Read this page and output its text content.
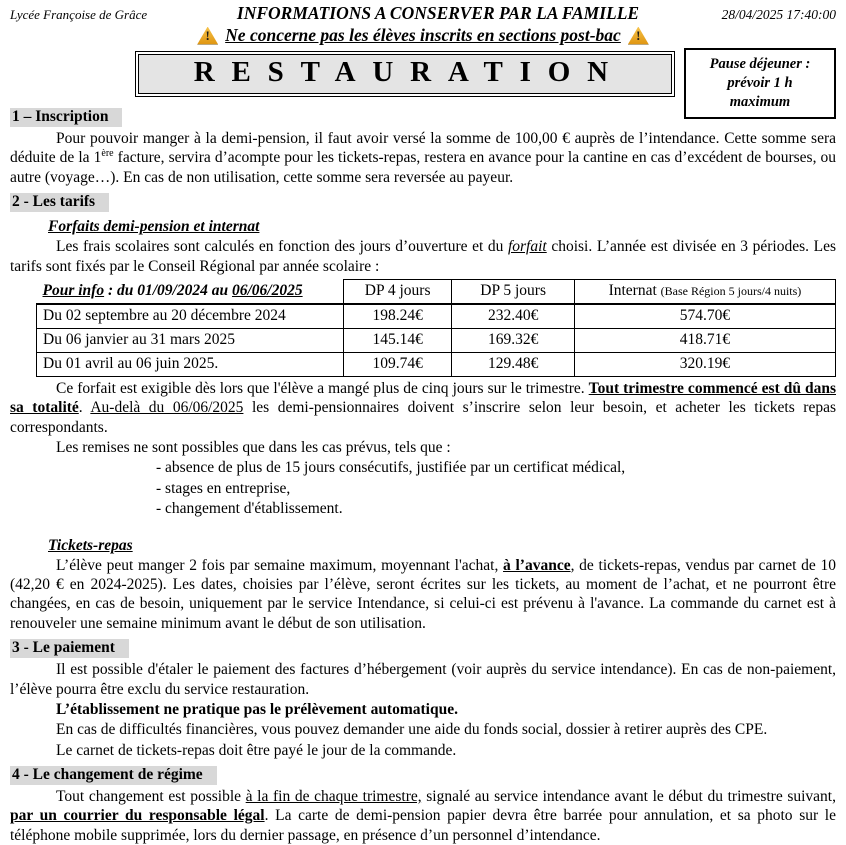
Lycée Françoise de Grâce	INFORMATIONS A CONSERVER PAR LA FAMILLE	28/04/2025 17:40:00
!
Ne concerne pas les élèves inscrits en sections post-bac
!
RESTAURATION	Pause déjeuner :
prévoir 1 h
maximum
1 – Inscription

Pour pouvoir manger à la demi-pension, il faut avoir versé la somme de 100,00 € auprès de l’intendance. Cette somme sera déduite de la 1ère facture, servira d’acompte pour les tickets-repas, restera en avance pour la cantine en cas d’excédent de bourses, ou autre (voyage…). En cas de non utilisation, cette somme sera reversée au payeur.

2 - Les tarifs
Forfaits demi-pension et internat

Les frais scolaires sont calculés en fonction des jours d’ouverture et du forfait choisi. L’année est divisée en 3 périodes. Les tarifs sont fixés par le Conseil Régional par année scolaire :

Pour info : du 01/09/2024 au 06/06/2025	DP 4 jours	DP 5 jours	Internat (Base Région 5 jours/4 nuits)
Du 02 septembre au 20 décembre 2024	198.24€	232.40€	574.70€
Du 06 janvier au 31 mars 2025	145.14€	169.32€	418.71€
Du 01 avril au 06 juin 2025.	109.74€	129.48€	320.19€

Ce forfait est exigible dès lors que l'élève a mangé plus de cinq jours sur le trimestre. Tout trimestre commencé est dû dans sa totalité. Au-delà du 06/06/2025 les demi-pensionnaires doivent s’inscrire selon leur besoin, et acheter les tickets repas correspondants.

Les remises ne sont possibles que dans les cas prévus, tels que :

- absence de plus de 15 jours consécutifs, justifiée par un certificat médical,
- stages en entreprise,
- changement d'établissement.
Tickets-repas

L’élève peut manger 2 fois par semaine maximum, moyennant l'achat, à l’avance, de tickets-repas, vendus par carnet de 10 (42,20 € en 2024-2025). Les dates, choisies par l’élève, seront écrites sur les tickets, au moment de l’achat, et ne pourront être changées, en cas de besoin, uniquement par le service Intendance, si celui-ci est prévenu à l'avance. La commande du carnet est à renouveler une semaine minimum avant le début de son utilisation.

3 - Le paiement

Il est possible d'étaler le paiement des factures d’hébergement (voir auprès du service intendance). En cas de non-paiement, l’élève pourra être exclu du service restauration.

L’établissement ne pratique pas le prélèvement automatique.
En cas de difficultés financières, vous pouvez demander une aide du fonds social, dossier à retirer auprès des CPE.
Le carnet de tickets-repas doit être payé le jour de la commande.
4 - Le changement de régime

Tout changement est possible à la fin de chaque trimestre, signalé au service intendance avant le début du trimestre suivant, par un courrier du responsable légal. La carte de demi-pension papier devra être barrée pour annulation, et sa photo sur le téléphone mobile supprimée, lors du dernier passage, en présence d’un personnel d’intendance.
